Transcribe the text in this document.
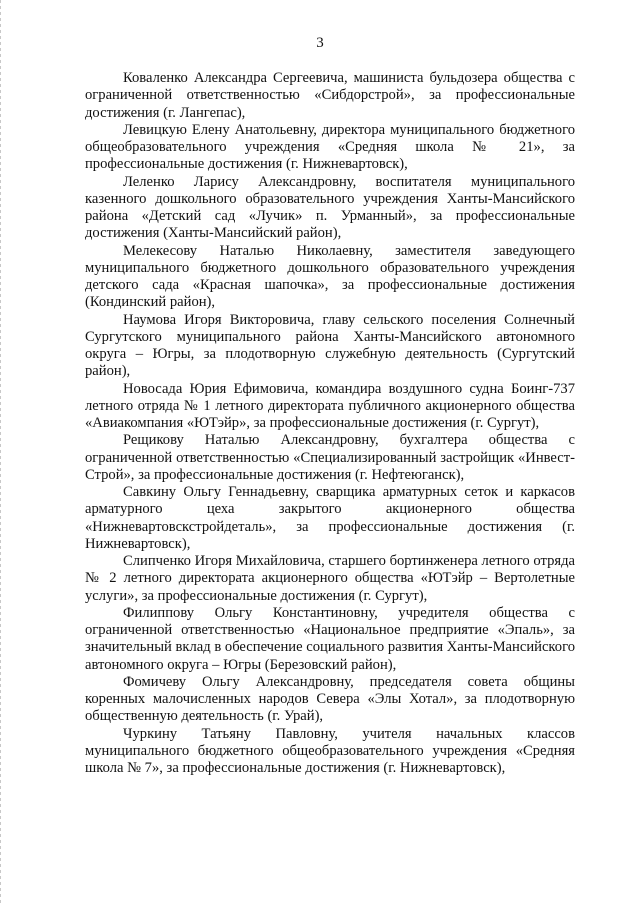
3

Коваленко Александра Сергеевича, машиниста бульдозера общества с ограниченной ответственностью «Сибдорстрой», за профессиональные достижения (г. Лангепас),

Левицкую Елену Анатольевну, директора муниципального бюджетного общеобразовательного учреждения «Средняя школа № 21», за профессиональные достижения (г. Нижневартовск),

Леленко Ларису Александровну, воспитателя муниципального казенного дошкольного образовательного учреждения Ханты-Мансийского района «Детский сад «Лучик» п. Урманный», за профессиональные достижения (Ханты-Мансийский район),

Мелекесову Наталью Николаевну, заместителя заведующего муниципального бюджетного дошкольного образовательного учреждения детского сада «Красная шапочка», за профессиональные достижения (Кондинский район),

Наумова Игоря Викторовича, главу сельского поселения Солнечный Сургутского муниципального района Ханты-Мансийского автономного округа – Югры, за плодотворную служебную деятельность (Сургутский район),

Новосада Юрия Ефимовича, командира воздушного судна Боинг-737 летного отряда № 1 летного директората публичного акционерного общества «Авиакомпания «ЮТэйр», за профессиональные достижения (г. Сургут),

Рещикову Наталью Александровну, бухгалтера общества с ограниченной ответственностью «Специализированный застройщик «Инвест-Строй», за профессиональные достижения (г. Нефтеюганск),

Савкину Ольгу Геннадьевну, сварщика арматурных сеток и каркасов арматурного цеха закрытого акционерного общества «Нижневартовскстройдеталь», за профессиональные достижения (г. Нижневартовск),

Слипченко Игоря Михайловича, старшего бортинженера летного отряда № 2 летного директората акционерного общества «ЮТэйр – Вертолетные услуги», за профессиональные достижения (г. Сургут),

Филиппову Ольгу Константиновну, учредителя общества с ограниченной ответственностью «Национальное предприятие «Эпаль», за значительный вклад в обеспечение социального развития Ханты-Мансийского автономного округа – Югры (Березовский район),

Фомичеву Ольгу Александровну, председателя совета общины коренных малочисленных народов Севера «Элы Хотал», за плодотворную общественную деятельность (г. Урай),

Чуркину Татьяну Павловну, учителя начальных классов муниципального бюджетного общеобразовательного учреждения «Средняя школа № 7», за профессиональные достижения (г. Нижневартовск),
